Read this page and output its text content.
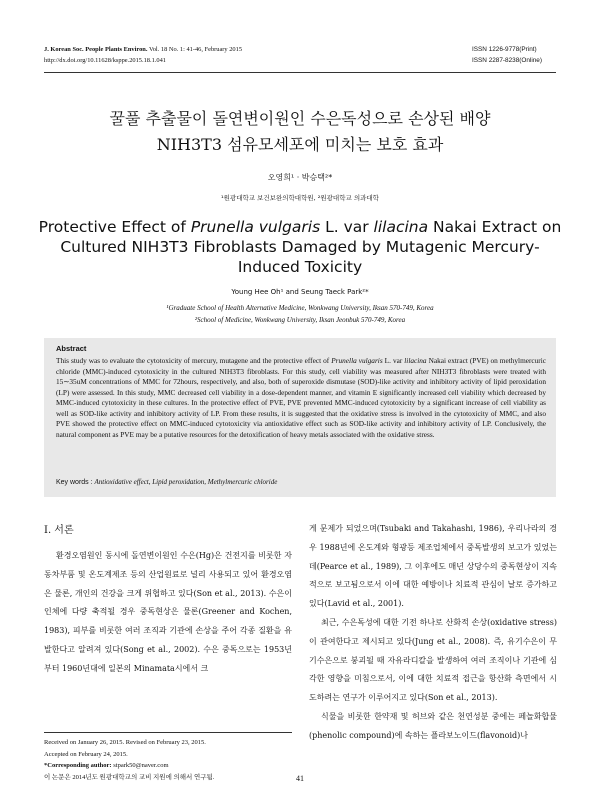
J. Korean Soc. People Plants Environ. Vol. 18 No. 1: 41-46, February 2015
http://dx.doi.org/10.11628/ksppe.2015.18.1.041
ISSN 1226-9778(Print)
ISSN 2287-8238(Online)
꿀풀 추출물이 돌연변이원인 수은독성으로 손상된 배양
NIH3T3 섬유모세포에 미치는 보호 효과
오영희¹ · 박승택²*
¹원광대학교 보건보완의학대학원, ²원광대학교 의과대학
Protective Effect of Prunella vulgaris L. var lilacina Nakai Extract on Cultured NIH3T3 Fibroblasts Damaged by Mutagenic Mercury-Induced Toxicity
Young Hee Oh¹ and Seung Taeck Park²*
¹Graduate School of Health Alternative Medicine, Wonkwang University, Iksan 570-749, Korea
²School of Medicine, Wonkwang University, Iksan Jeonbuk 570-749, Korea
Abstract
This study was to evaluate the cytotoxicity of mercury, mutagene and the protective effect of Prunella vulgaris L. var lilacina Nakai extract (PVE) on methylmercuric chloride (MMC)-induced cytotoxicity in the cultured NIH3T3 fibroblasts. For this study, cell viability was measured after NIH3T3 fibroblasts were treated with 15∼35uM concentrations of MMC for 72hours, respectively, and also, both of superoxide dismutase (SOD)-like activity and inhibitory activity of lipid peroxidation (LP) were assessed. In this study, MMC decreased cell viability in a dose-dependent manner, and vitamin E significantly increased cell viability which decreased by MMC-induced cytotoxicity in these cultures. In the protective effect of PVE, PVE prevented MMC-induced cytotoxicity by a significant increase of cell viability as well as SOD-like activity and inhibitory activity of LP. From these results, it is suggested that the oxidative stress is involved in the cytotoxicity of MMC, and also PVE showed the protective effect on MMC-induced cytotoxicity via antioxidative effect such as SOD-like activity and inhibitory activity of LP. Conclusively, the natural component as PVE may be a putative resources for the detoxification of heavy metals associated with the oxidative stress.
Key words : Antioxidative effect, Lipid peroxidation, Methylmercuric chloride
Ⅰ. 서론

환경오염원인 동시에 돌연변이원인 수은(Hg)은 건전지를 비롯한 자동차부품 및 온도계제조 등의 산업원료로 널리 사용되고 있어 환경오염은 물론, 개인의 건강을 크게 위협하고 있다(Son et al., 2013). 수은이 인체에 다량 축적될 경우 중독현상은 물론(Greener and Kochen, 1983), 피부를 비롯한 여러 조직과 기관에 손상을 주어 각종 질환을 유발한다고 알려져 있다(Song et al., 2002). 수은 중독으로는 1953년부터 1960년대에 일본의 Minamata시에서 크

게 문제가 되었으며(Tsubaki and Takahashi, 1986), 우리나라의 경우 1988년에 온도계와 형광등 제조업체에서 중독발생의 보고가 있었는데(Pearce et al., 1989), 그 이후에도 매년 상당수의 중독현상이 지속적으로 보고됨으로서 이에 대한 예방이나 치료적 관심이 날로 증가하고 있다(Lavid et al., 2001).

최근, 수은독성에 대한 기전 하나로 산화적 손상(oxidative stress)이 관여한다고 제시되고 있다(Jung et al., 2008). 즉, 유기수은이 무기수은으로 붕괴될 때 자유라디칼을 발생하여 여러 조직이나 기관에 심각한 영향을 미침으로서, 이에 대한 치료적 접근을 항산화 측면에서 시도하려는 연구가 이루어지고 있다(Son et al., 2013).

식물을 비롯한 한약재 및 허브와 같은 천연성분 중에는 페놀화합물(phenolic compound)에 속하는 플라보노이드(flavonoid)나

Received on January 26, 2015. Revised on February 23, 2015.
Accepted on February 24, 2015.
*Corresponding author: stpark50@naver.com
이 논문은 2014년도 원광대학교의 교비 지원에 의해서 연구됨.	41
